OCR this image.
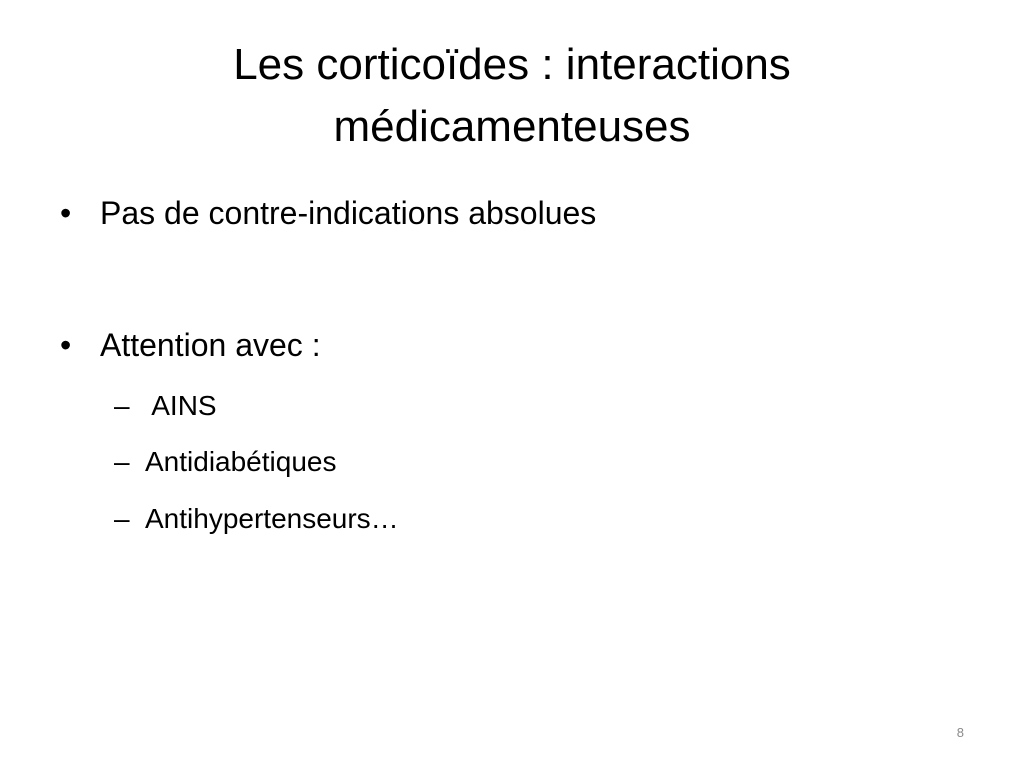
Les corticoïdes : interactions
médicamenteuses
• Pas de contre-indications absolues
• Attention avec :
– AINS
– Antidiabétiques
– Antihypertenseurs…
8
